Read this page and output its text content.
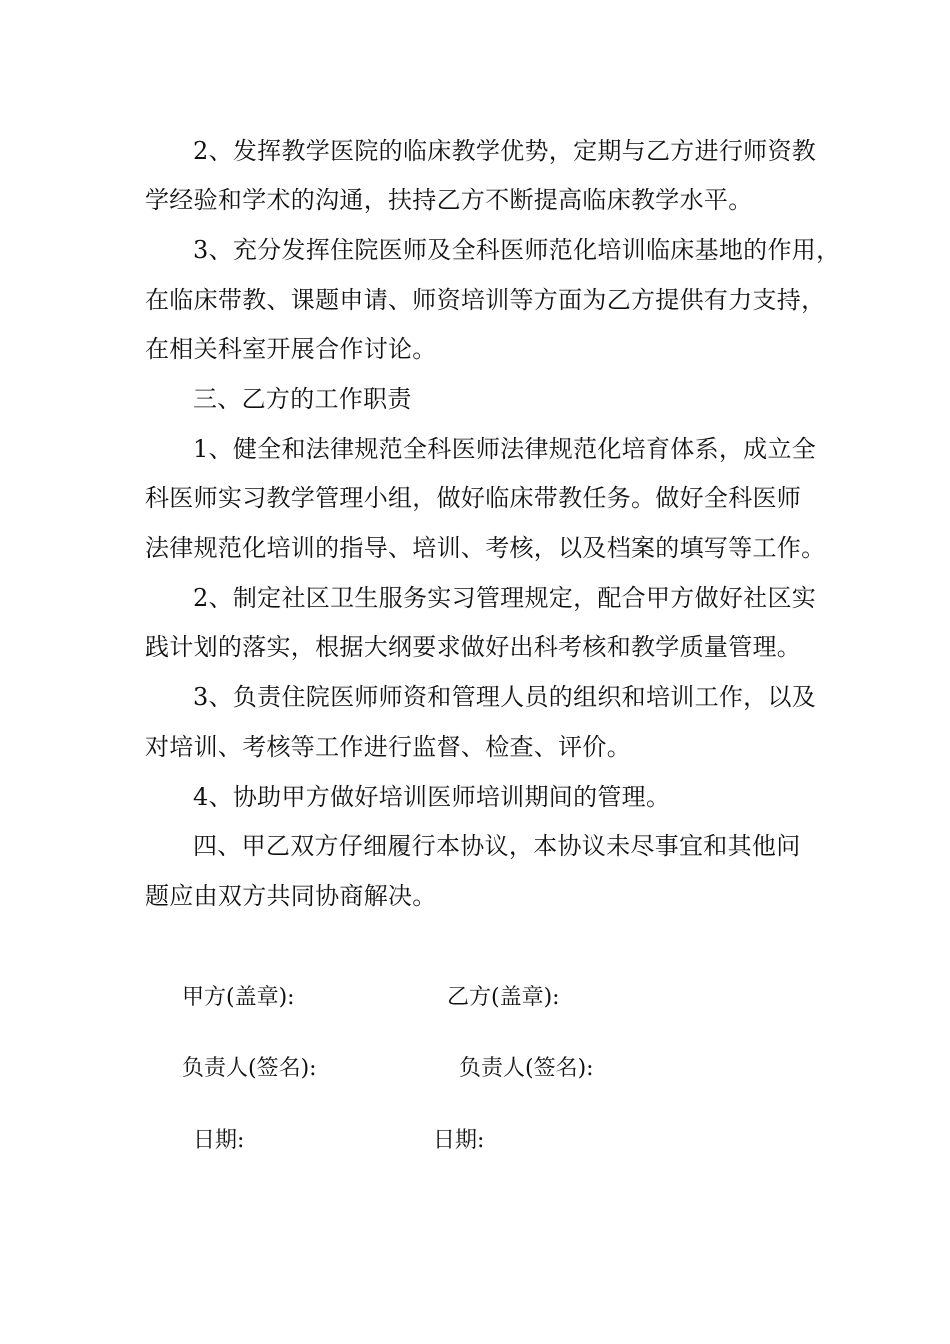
2、发挥教学医院的临床教学优势，定期与乙方进行师资教
学经验和学术的沟通，扶持乙方不断提高临床教学水平。
3、充分发挥住院医师及全科医师范化培训临床基地的作用，
在临床带教、课题申请、师资培训等方面为乙方提供有力支持，
在相关科室开展合作讨论。
三、乙方的工作职责
1、健全和法律规范全科医师法律规范化培育体系，成立全
科医师实习教学管理小组，做好临床带教任务。做好全科医师
法律规范化培训的指导、培训、考核，以及档案的填写等工作。
2、制定社区卫生服务实习管理规定，配合甲方做好社区实
践计划的落实，根据大纲要求做好出科考核和教学质量管理。
3、负责住院医师师资和管理人员的组织和培训工作，以及
对培训、考核等工作进行监督、检查、评价。
4、协助甲方做好培训医师培训期间的管理。
四、甲乙双方仔细履行本协议，本协议未尽事宜和其他问
题应由双方共同协商解决。
甲方(盖章):	乙方(盖章):
负责人(签名):	负责人(签名):
日期:	日期:
